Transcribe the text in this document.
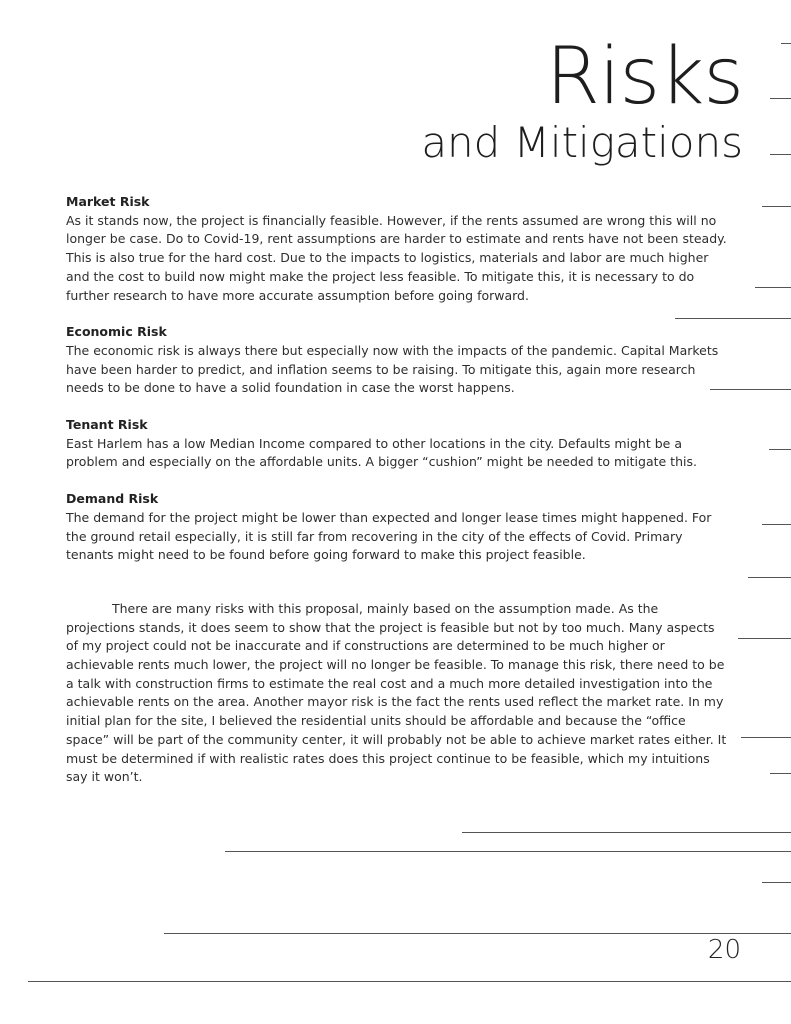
Risks
and Mitigations
Market Risk

As it stands now, the project is financially feasible. However, if the rents assumed are wrong this will no longer be case. Do to Covid-19, rent assumptions are harder to estimate and rents have not been steady. This is also true for the hard cost. Due to the impacts to logistics, materials and labor are much higher and the cost to build now might make the project less feasible. To mitigate this, it is necessary to do further research to have more accurate assumption before going forward.

Economic Risk

The economic risk is always there but especially now with the impacts of the pandemic. Capital Markets have been harder to predict, and inflation seems to be raising. To mitigate this, again more research needs to be done to have a solid foundation in case the worst happens.

Tenant Risk

East Harlem has a low Median Income compared to other locations in the city. Defaults might be a problem and especially on the affordable units. A bigger “cushion” might be needed to mitigate this.

Demand Risk

The demand for the project might be lower than expected and longer lease times might happened. For the ground retail especially, it is still far from recovering in the city of the effects of Covid. Primary tenants might need to be found before going forward to make this project feasible.

There are many risks with this proposal, mainly based on the assumption made. As the projections stands, it does seem to show that the project is feasible but not by too much. Many aspects of my project could not be inaccurate and if constructions are determined to be much higher or achievable rents much lower, the project will no longer be feasible. To manage this risk, there need to be a talk with construction firms to estimate the real cost and a much more detailed investigation into the achievable rents on the area. Another mayor risk is the fact the rents used reflect the market rate. In my initial plan for the site, I believed the residential units should be affordable and because the “office space” will be part of the community center, it will probably not be able to achieve market rates either. It must be determined if with realistic rates does this project continue to be feasible, which my intuitions say it won’t.

20
